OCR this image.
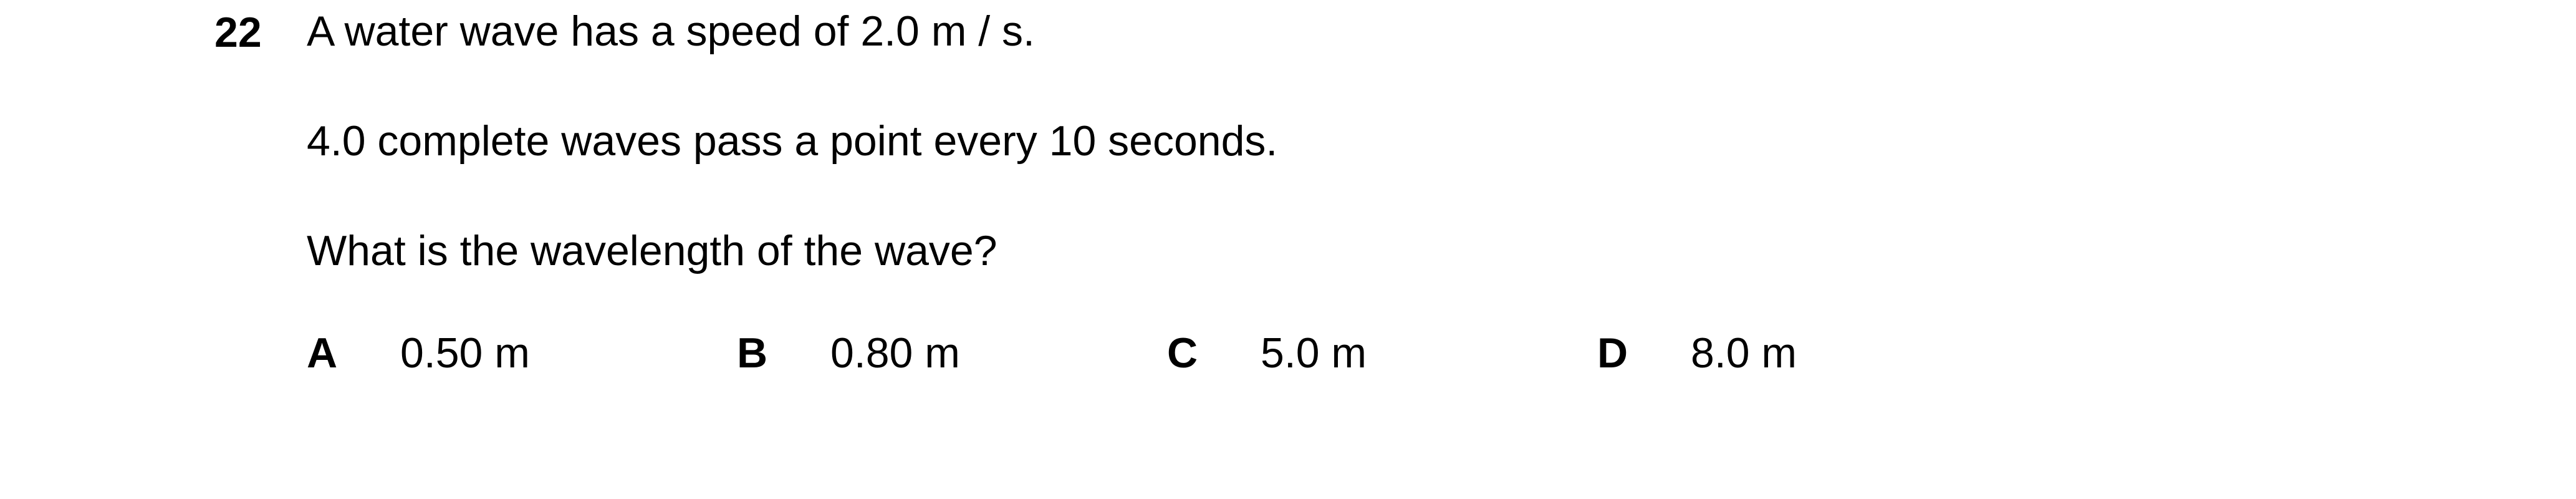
22 A water wave has a speed of 2.0 m / s.
4.0 complete waves pass a point every 10 seconds.
What is the wavelength of the wave?
A 0.50 m	B 0.80 m	C 5.0 m	D 8.0 m
